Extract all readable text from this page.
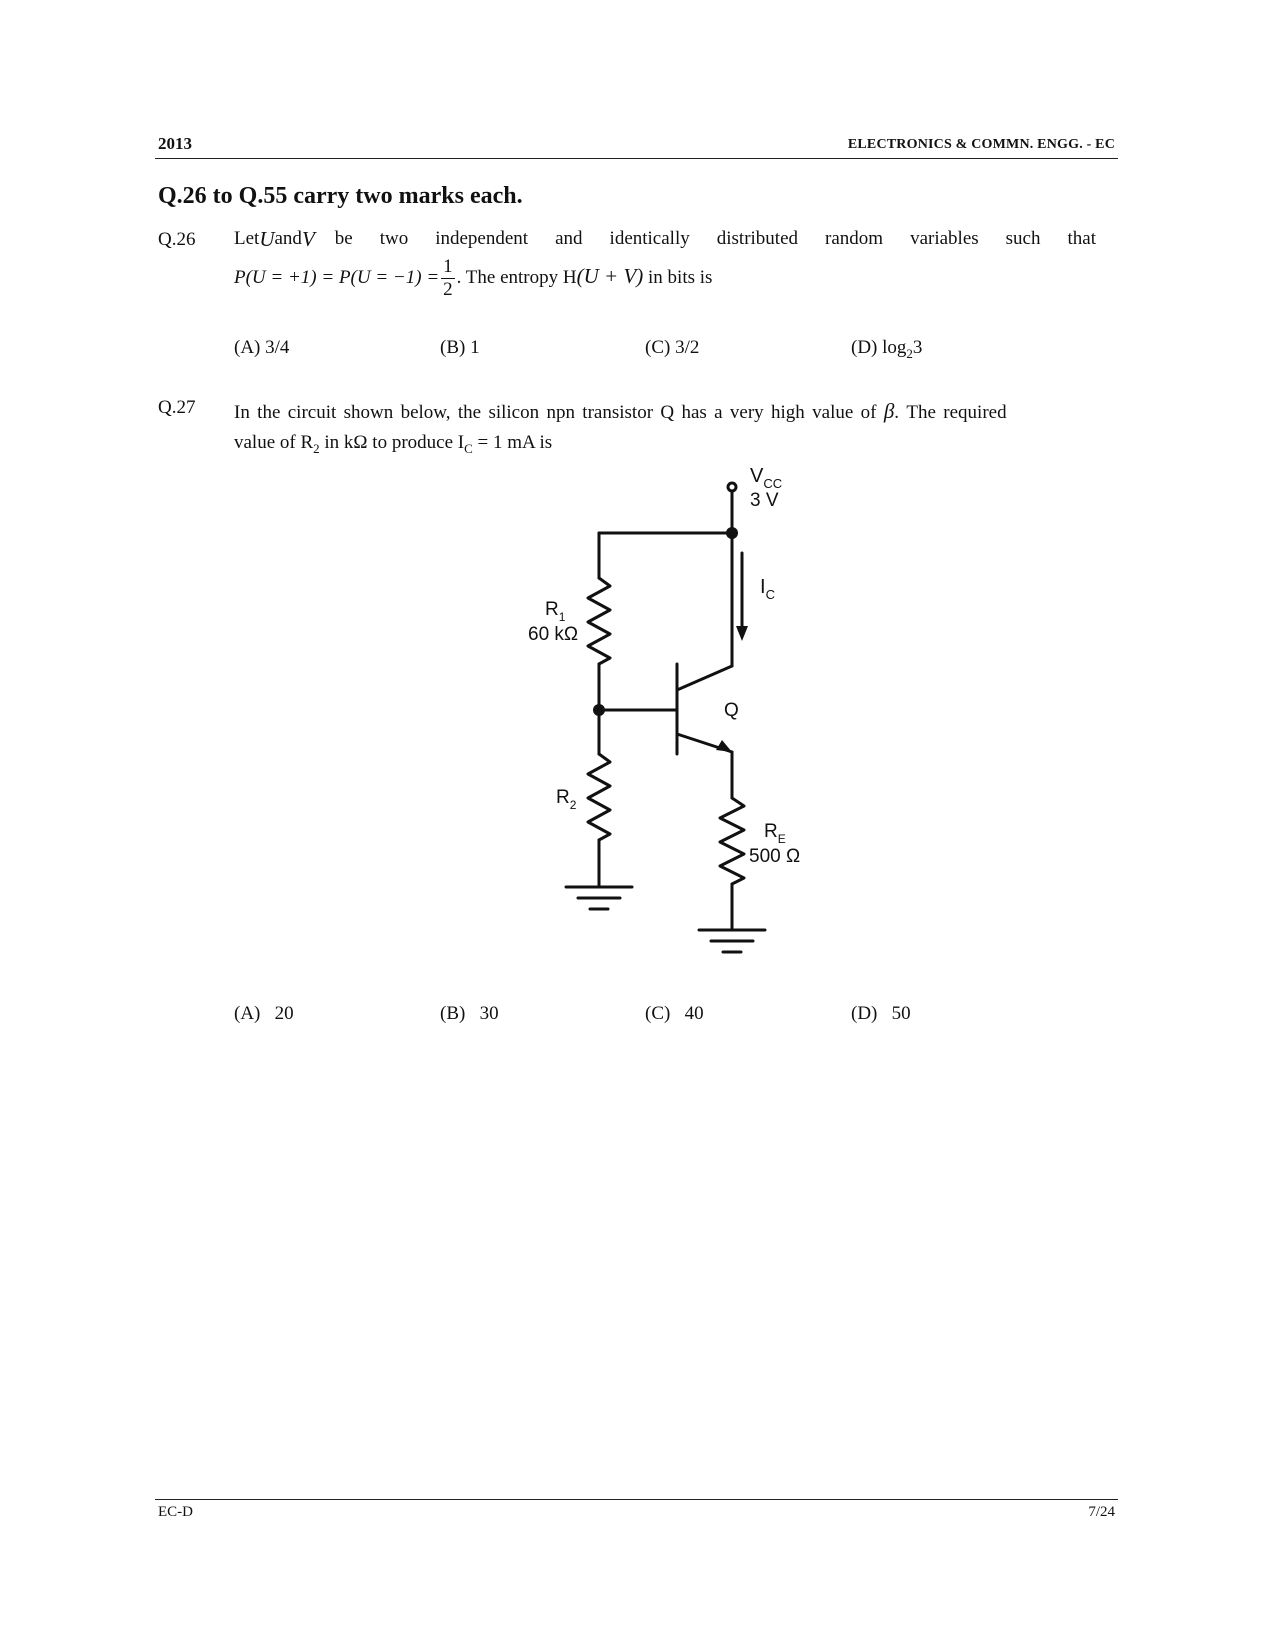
2013	ELECTRONICS & COMMN. ENGG. - EC
Q.26 to Q.55 carry two marks each.
Q.26 Let U and V be two independent and identically distributed random variables such that
$P(U = +1) = P(U = -1) = \frac{1}{2}$ . The entropy H(U + V) in bits is
(A) 3/4	(B) 1	(C) 3/2	(D) $\log_23$
Q.27 In the circuit shown below, the silicon npn transistor Q has a very high value of β. The required
value of $R_2$ in kΩ to produce $I_C = 1$ mA is
$V_{CC}$
3 V
$I_C$
$R_1$
60 kΩ
Q
$R_2$
$R_E$
500 Ω
(A)   20	(B)   30	(C)   40	(D)   50
EC-D	7/24
